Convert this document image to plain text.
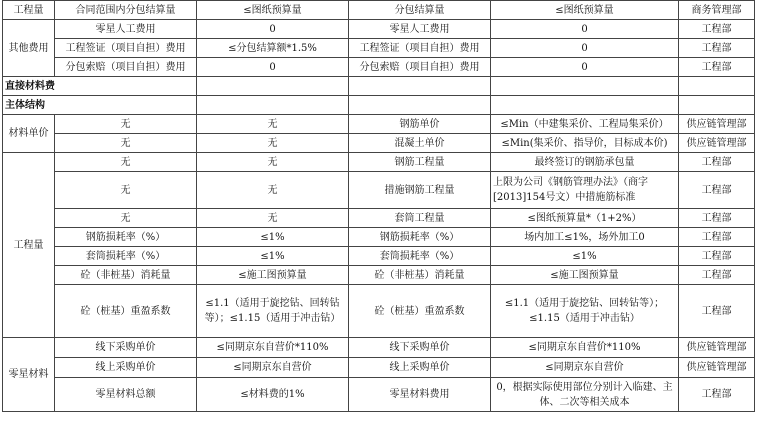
工程量	合同范围内分包结算量	≤图纸预算量	分包结算量	≤图纸预算量	商务管理部
其他费用	零星人工费用	0	零星人工费用	0	工程部
	工程签证（项目自担）费用	≤分包结算额*1.5%	工程签证（项目自担）费用	0	工程部
	分包索赔（项目自担）费用	0	分包索赔（项目自担）费用	0	工程部
直接材料费					
主体结构					
材料单价	无	无	钢筋单价	≤Min（中建集采价、工程局集采价）	供应链管理部
	无	无	混凝土单价	≤Min(集采价、指导价，目标成本价)	供应链管理部
工程量	无	无	钢筋工程量	最终签订的钢筋承包量	工程部
	无	无	措施钢筋工程量	上限为公司《钢筋管理办法》（商字[2013]154号文）中措施筋标准	工程部
	无	无	套筒工程量	≤图纸预算量*（1+2%）	工程部
	钢筋损耗率（%）	≤1%	钢筋损耗率（%）	场内加工≤1%，场外加工0	工程部
	套筒损耗率（%）	≤1%	套筒损耗率（%）	≤1%	工程部
	砼（非桩基）消耗量	≤施工图预算量	砼（非桩基）消耗量	≤施工图预算量	工程部
	砼（桩基）重盈系数	≤1.1（适用于旋挖钻、回转钻等）；≤1.15（适用于冲击钻）	砼（桩基）重盈系数	≤1.1（适用于旋挖钻、回转钻等）；≤1.15（适用于冲击钻）	工程部
零星材料	线下采购单价	≤同期京东自营价*110%	线下采购单价	≤同期京东自营价*110%	供应链管理部
	线上采购单价	≤同期京东自营价	线上采购单价	≤同期京东自营价	供应链管理部
	零星材料总额	≤材料费的1%	零星材料费用	0，根据实际使用部位分别计入临建、主体、二次等相关成本	工程部
